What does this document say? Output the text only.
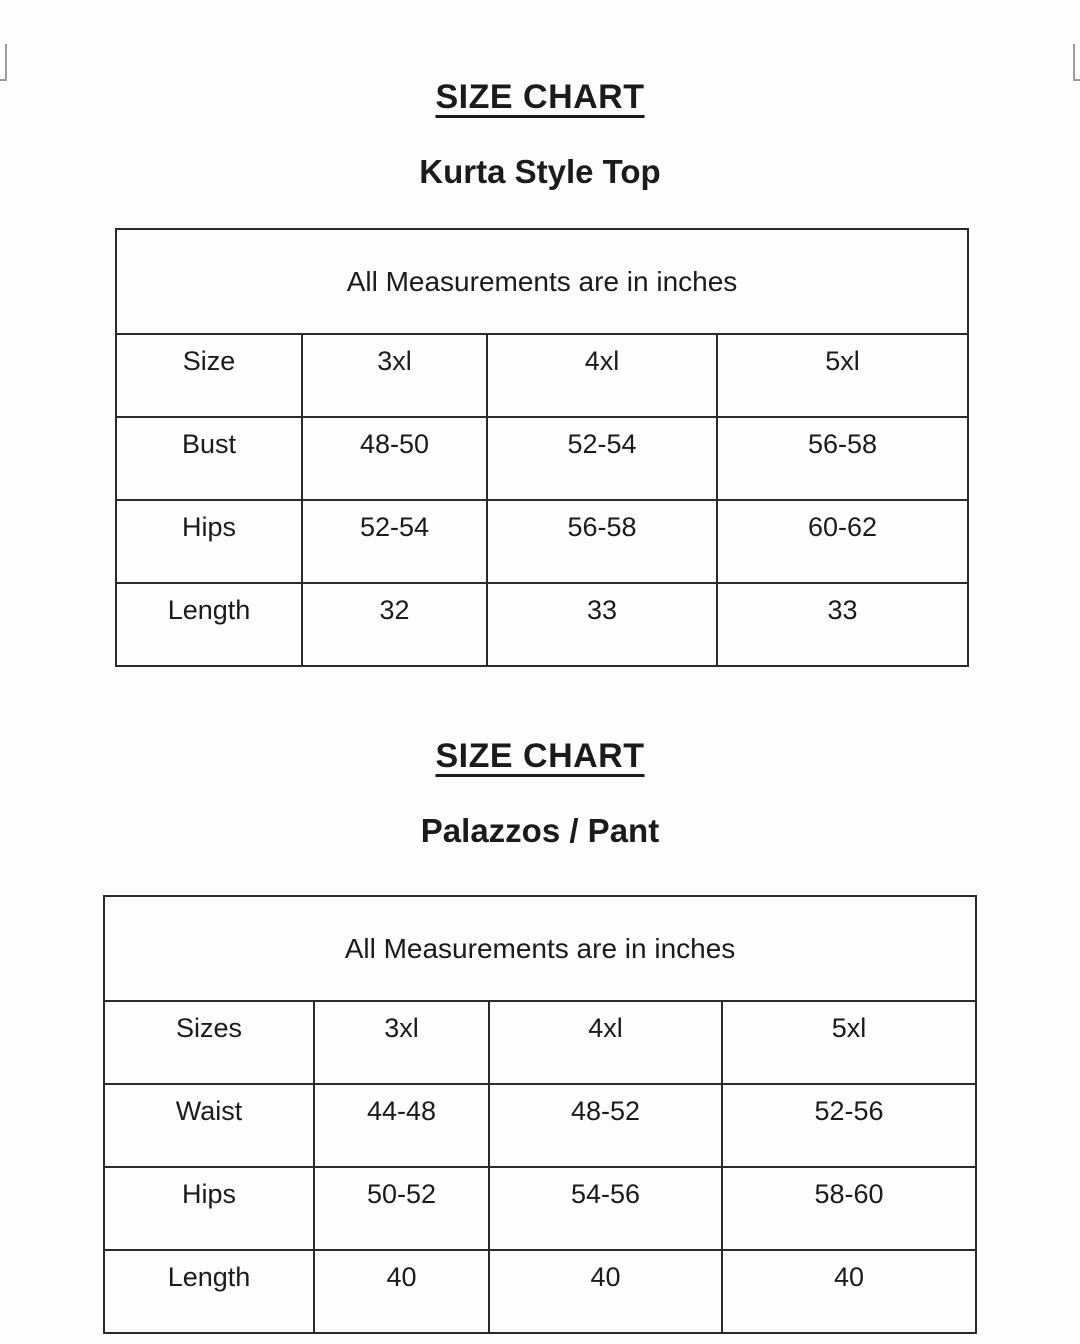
SIZE CHART
Kurta Style Top
All Measurements are in inches			
Size	3xl	4xl	5xl
Bust	48-50	52-54	56-58
Hips	52-54	56-58	60-62
Length	32	33	33
SIZE CHART
Palazzos / Pant
All Measurements are in inches			
Sizes	3xl	4xl	5xl
Waist	44-48	48-52	52-56
Hips	50-52	54-56	58-60
Length	40	40	40
